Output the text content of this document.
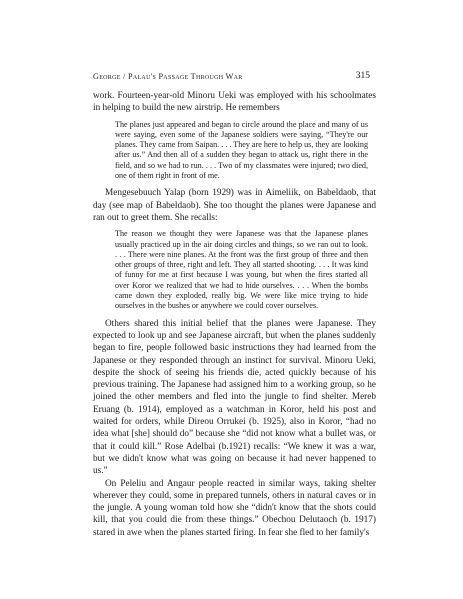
George / Palau's Passage Through War	315

work. Fourteen-year-old Minoru Ueki was employed with his schoolmates in helping to build the new airstrip. He remembers

The planes just appeared and began to circle around the place and many of us were saying, even some of the Japanese soldiers were saying, “They're our planes. They came from Saipan. . . . They are here to help us, they are looking after us.” And then all of a sudden they began to attack us, right there in the field, and so we had to run. . . . Two of my classmates were injured; two died, one of them right in front of me.

Mengesebuuch Yalap (born 1929) was in Aimeliik, on Babeldaob, that day (see map of Babeldaob). She too thought the planes were Japanese and ran out to greet them. She recalls:

The reason we thought they were Japanese was that the Japanese planes usually practiced up in the air doing circles and things, so we ran out to look. . . . There were nine planes. At the front was the first group of three and then other groups of three, right and left. They all started shooting. . . . It was kind of funny for me at first because I was young, but when the fires started all over Koror we realized that we had to hide ourselves. . . . When the bombs came down they exploded, really big. We were like mice trying to hide ourselves in the bushes or anywhere we could cover ourselves.

Others shared this initial belief that the planes were Japanese. They expected to look up and see Japanese aircraft, but when the planes suddenly began to fire, people followed basic instructions they had learned from the Japanese or they responded through an instinct for survival. Minoru Ueki, despite the shock of seeing his friends die, acted quickly because of his previous training. The Japanese had assigned him to a working group, so he joined the other members and fled into the jungle to find shelter. Mereb Eruang (b. 1914), employed as a watchman in Koror, held his post and waited for orders, while Direou Orrukei (b. 1925), also in Koror, “had no idea what [she] should do” because she “did not know what a bullet was, or that it could kill.” Rose Adelbai (b.1921) recalls: “We knew it was a war, but we didn't know what was going on because it had never happened to us.”

On Peleliu and Angaur people reacted in similar ways, taking shelter wherever they could, some in prepared tunnels, others in natural caves or in the jungle. A young woman told how she “didn't know that the shots could kill, that you could die from these things.” Obechou Delutaoch (b. 1917) stared in awe when the planes started firing. In fear she fled to her family's
